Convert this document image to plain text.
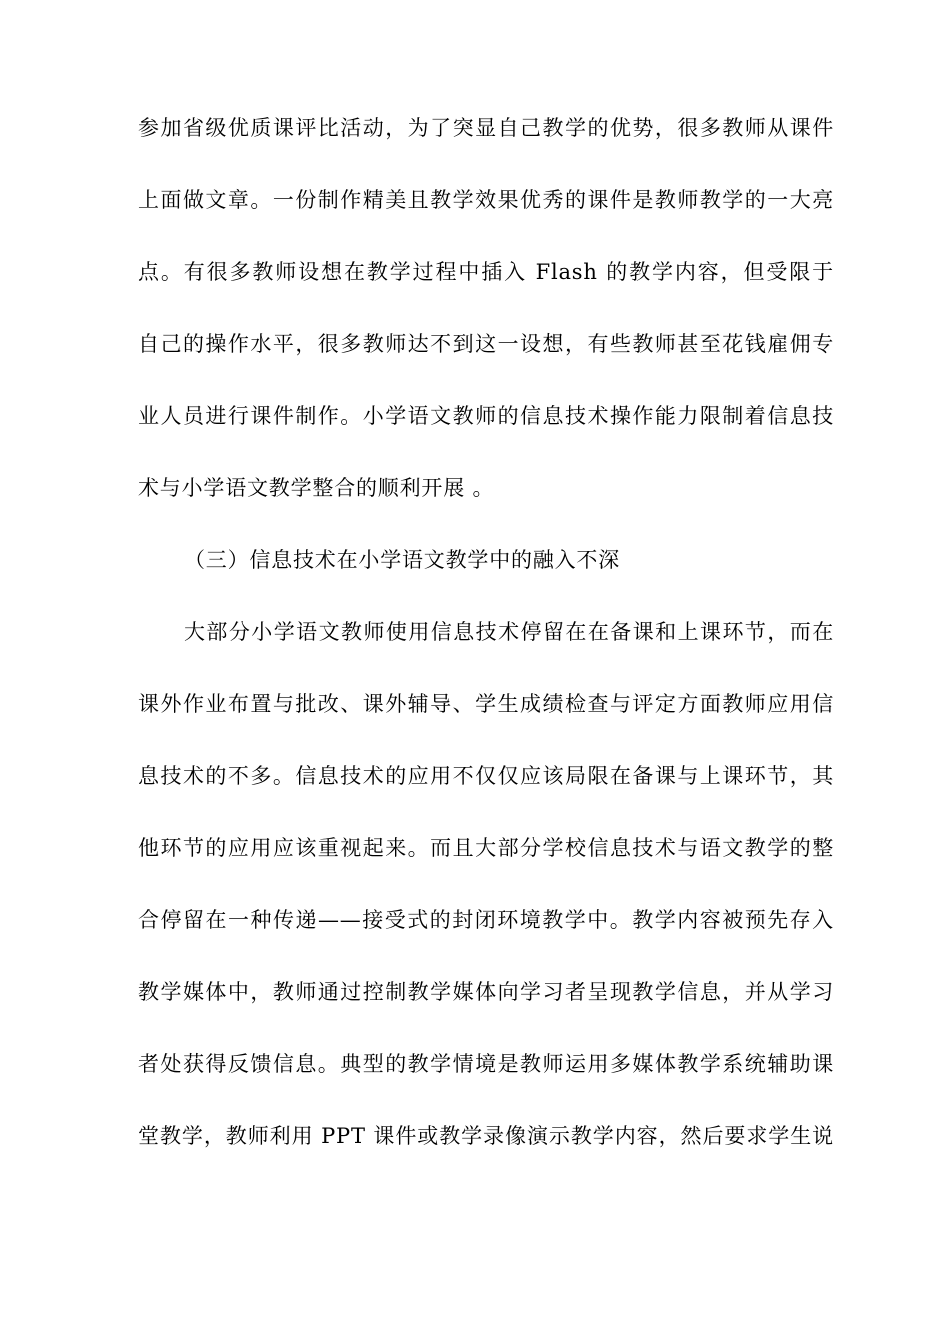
参加省级优质课评比活动，为了突显自己教学的优势，很多教师从课件
上面做文章。一份制作精美且教学效果优秀的课件是教师教学的一大亮
点。有很多教师设想在教学过程中插入 Flash 的教学内容，但受限于
自己的操作水平，很多教师达不到这一设想，有些教师甚至花钱雇佣专
业人员进行课件制作。小学语文教师的信息技术操作能力限制着信息技
术与小学语文教学整合的顺利开展 。
（三）信息技术在小学语文教学中的融入不深
大部分小学语文教师使用信息技术停留在在备课和上课环节，而在
课外作业布置与批改、课外辅导、学生成绩检查与评定方面教师应用信
息技术的不多。信息技术的应用不仅仅应该局限在备课与上课环节，其
他环节的应用应该重视起来。而且大部分学校信息技术与语文教学的整
合停留在一种传递——接受式的封闭环境教学中。教学内容被预先存入
教学媒体中，教师通过控制教学媒体向学习者呈现教学信息，并从学习
者处获得反馈信息。典型的教学情境是教师运用多媒体教学系统辅助课
堂教学，教师利用 PPT 课件或教学录像演示教学内容，然后要求学生说
